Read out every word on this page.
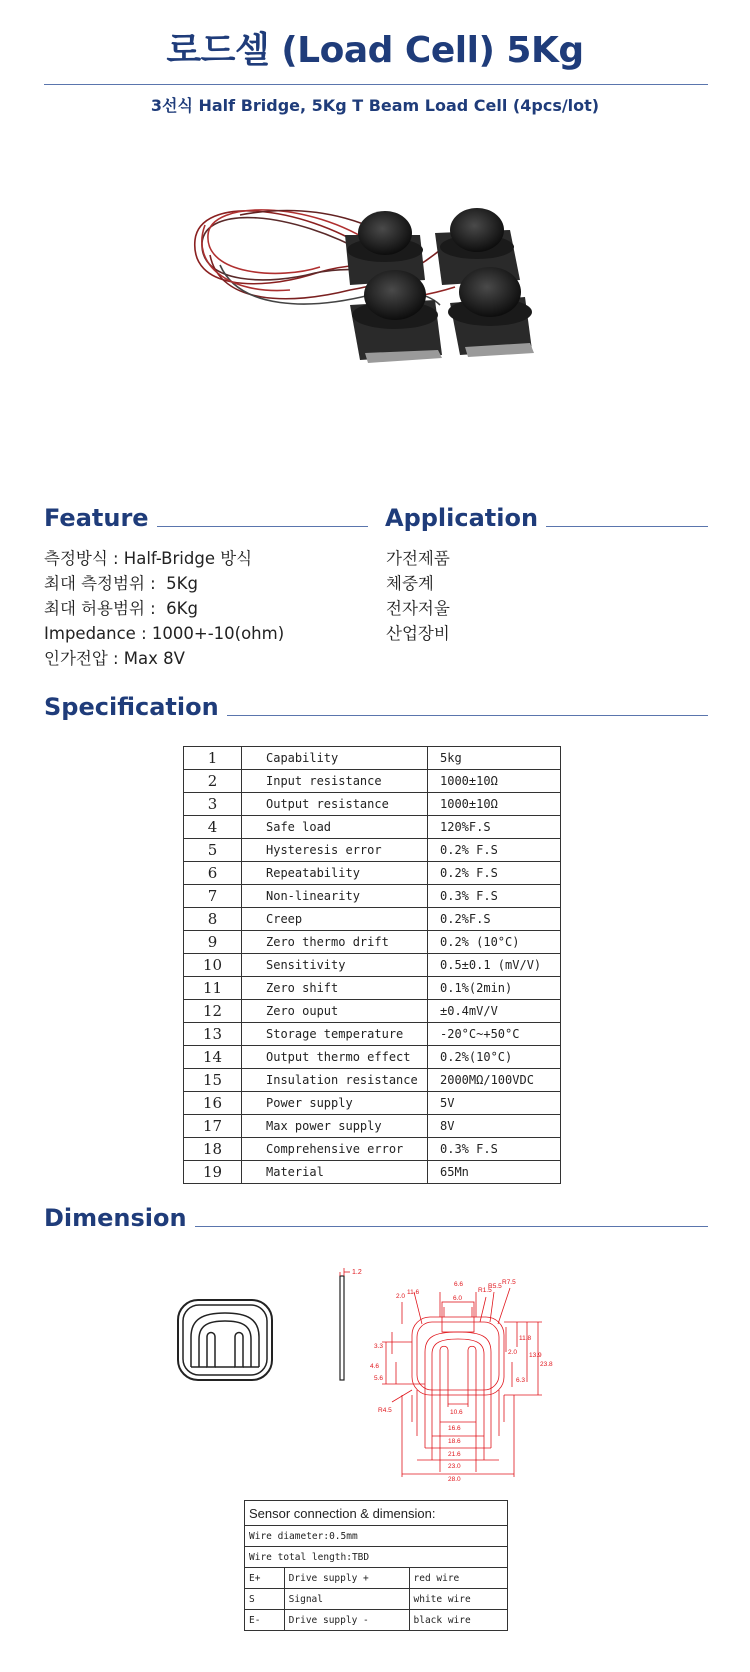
로드셀 (Load Cell) 5Kg
3선식 Half Bridge, 5Kg T Beam Load Cell (4pcs/lot)
Feature
측정방식 : Half-Bridge 방식
최대 측정범위 :  5Kg
최대 허용범위 :  6Kg
Impedance : 1000+-10(ohm)
인가전압 : Max 8V
Application
가전제품
체중계
전자저울
산업장비
Specification
1	Capability	5kg
2	Input resistance	1000±10Ω
3	Output resistance	1000±10Ω
4	Safe load	120%F.S
5	Hysteresis error	0.2% F.S
6	Repeatability	0.2% F.S
7	Non-linearity	0.3% F.S
8	Creep	0.2%F.S
9	Zero thermo drift	0.2% (10°C)
10	Sensitivity	0.5±0.1 (mV/V)
11	Zero shift	0.1%(2min)
12	Zero ouput	±0.4mV/V
13	Storage temperature	-20°C~+50°C
14	Output thermo effect	0.2%(10°C)
15	Insulation resistance	2000MΩ/100VDC
16	Power supply	5V
17	Max power supply	8V
18	Comprehensive error	0.3% F.S
19	Material	65Mn
Dimension
1.2
6.6
6.0
2.0
11.6	R1.5
R5.5
R7.5
2.0
11.8
13.9
23.8
3.3
4.6
5.6
R4.5
6.3
10.6
16.6
18.6
21.6
23.0
28.0
Sensor connection & dimension:		
Wire diameter:0.5mm		
Wire total length:TBD		
E+	Drive supply +	red wire
S	Signal	white wire
E-	Drive supply -	black wire
